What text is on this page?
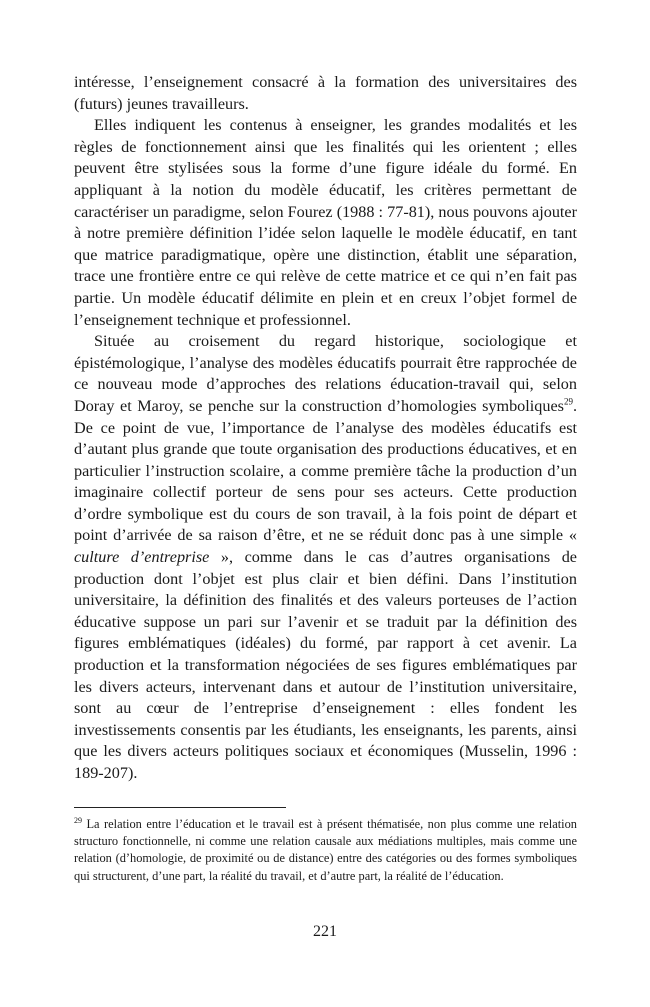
intéresse, l’enseignement consacré à la formation des universitaires des (futurs) jeunes travailleurs.

Elles indiquent les contenus à enseigner, les grandes modalités et les règles de fonctionnement ainsi que les finalités qui les orientent ; elles peuvent être stylisées sous la forme d’une figure idéale du formé. En appliquant à la notion du modèle éducatif, les critères permettant de caractériser un paradigme, selon Fourez (1988 : 77-81), nous pouvons ajouter à notre première définition l’idée selon laquelle le modèle éducatif, en tant que matrice paradigmatique, opère une distinction, établit une séparation, trace une frontière entre ce qui relève de cette matrice et ce qui n’en fait pas partie. Un modèle éducatif délimite en plein et en creux l’objet formel de l’enseignement technique et professionnel.

Située au croisement du regard historique, sociologique et épistémologique, l’analyse des modèles éducatifs pourrait être rapprochée de ce nouveau mode d’approches des relations éducation-travail qui, selon Doray et Maroy, se penche sur la construction d’homologies symboliques$^{29}$. De ce point de vue, l’importance de l’analyse des modèles éducatifs est d’autant plus grande que toute organisation des productions éducatives, et en particulier l’instruction scolaire, a comme première tâche la production d’un imaginaire collectif porteur de sens pour ses acteurs. Cette production d’ordre symbolique est du cours de son travail, à la fois point de départ et point d’arrivée de sa raison d’être, et ne se réduit donc pas à une simple « culture d’entreprise », comme dans le cas d’autres organisations de production dont l’objet est plus clair et bien défini. Dans l’institution universitaire, la définition des finalités et des valeurs porteuses de l’action éducative suppose un pari sur l’avenir et se traduit par la définition des figures emblématiques (idéales) du formé, par rapport à cet avenir. La production et la transformation négociées de ses figures emblématiques par les divers acteurs, intervenant dans et autour de l’institution universitaire, sont au cœur de l’entreprise d’enseignement : elles fondent les investissements consentis par les étudiants, les enseignants, les parents, ainsi que les divers acteurs politiques sociaux et économiques (Musselin, 1996 : 189-207).

$^{29}$ La relation entre l’éducation et le travail est à présent thématisée, non plus comme une relation structuro fonctionnelle, ni comme une relation causale aux médiations multiples, mais comme une relation (d’homologie, de proximité ou de distance) entre des catégories ou des formes symboliques qui structurent, d’une part, la réalité du travail, et d’autre part, la réalité de l’éducation.

221
